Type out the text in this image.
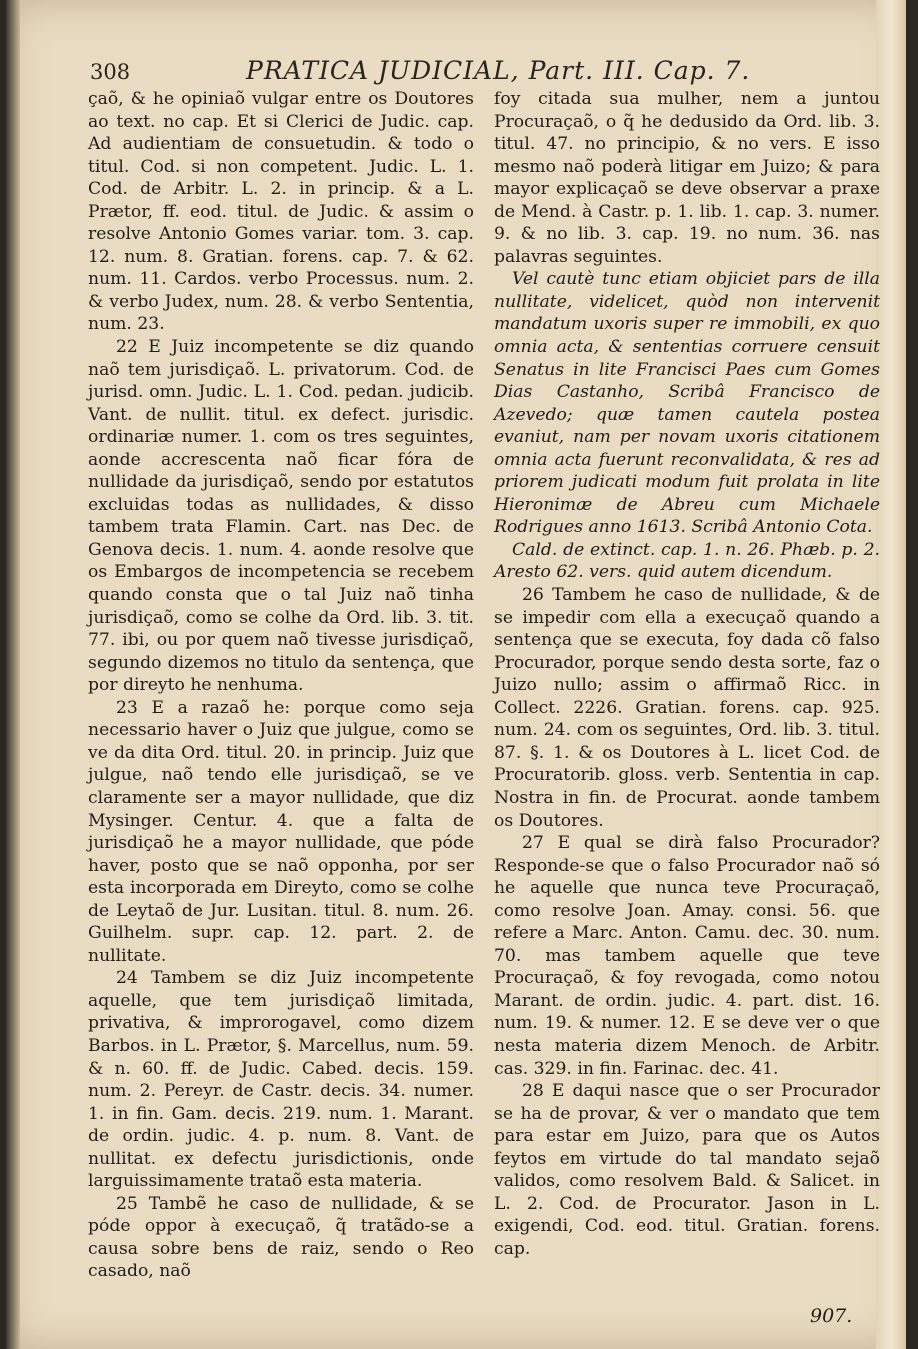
308	PRATICA JUDICIAL, Part. III. Cap. 7.

çaõ, & he opiniaõ vulgar entre os Doutores ao text. no cap. Et si Clerici de Judic. cap. Ad audientiam de consuetudin. & todo o titul. Cod. si non competent. Judic. L. 1. Cod. de Arbitr. L. 2. in princip. & a L. Prætor, ff. eod. titul. de Judic. & assim o resolve Antonio Gomes variar. tom. 3. cap. 12. num. 8. Gratian. forens. cap. 7. & 62. num. 11. Cardos. verbo Processus. num. 2. & verbo Judex, num. 28. & verbo Sententia, num. 23.

22 E Juiz incompetente se diz quando naõ tem jurisdiçaõ. L. privatorum. Cod. de jurisd. omn. Judic. L. 1. Cod. pedan. judicib. Vant. de nullit. titul. ex defect. jurisdic. ordinariæ numer. 1. com os tres seguintes, aonde accrescenta naõ ficar fóra de nullidade da jurisdiçaõ, sendo por estatutos excluidas todas as nullidades, & disso tambem trata Flamin. Cart. nas Dec. de Genova decis. 1. num. 4. aonde resolve que os Embargos de incompetencia se recebem quando consta que o tal Juiz naõ tinha jurisdiçaõ, como se colhe da Ord. lib. 3. tit. 77. ibi, ou por quem naõ tivesse jurisdiçaõ, segundo dizemos no titulo da sentença, que por direyto he nenhuma.

23 E a razaõ he: porque como seja necessario haver o Juiz que julgue, como se ve da dita Ord. titul. 20. in princip. Juiz que julgue, naõ tendo elle jurisdiçaõ, se ve claramente ser a mayor nullidade, que diz Mysinger. Centur. 4. que a falta de jurisdiçaõ he a mayor nullidade, que póde haver, posto que se naõ opponha, por ser esta incorporada em Direyto, como se colhe de Leytaõ de Jur. Lusitan. titul. 8. num. 26. Guilhelm. supr. cap. 12. part. 2. de nullitate.

24 Tambem se diz Juiz incompetente aquelle, que tem jurisdiçaõ limitada, privativa, & improrogavel, como dizem Barbos. in L. Prætor, §. Marcellus, num. 59. & n. 60. ff. de Judic. Cabed. decis. 159. num. 2. Pereyr. de Castr. decis. 34. numer. 1. in fin. Gam. decis. 219. num. 1. Marant. de ordin. judic. 4. p. num. 8. Vant. de nullitat. ex defectu jurisdictionis, onde larguissimamente trataõ esta materia.

25 Tambẽ he caso de nullidade, & se póde oppor à execuçaõ, q̃ tratãdo-se a causa sobre bens de raiz, sendo o Reo casado, naõ

foy citada sua mulher, nem a juntou Procuraçaõ, o q̃ he dedusido da Ord. lib. 3. titul. 47. no principio, & no vers. E isso mesmo naõ poderà litigar em Juizo; & para mayor explicaçaõ se deve observar a praxe de Mend. à Castr. p. 1. lib. 1. cap. 3. numer. 9. & no lib. 3. cap. 19. no num. 36. nas palavras seguintes.

Vel cautè tunc etiam objiciet pars de illa nullitate, videlicet, quòd non intervenit mandatum uxoris super re immobili, ex quo omnia acta, & sententias corruere censuit Senatus in lite Francisci Paes cum Gomes Dias Castanho, Scribâ Francisco de Azevedo; quæ tamen cautela postea evaniut, nam per novam uxoris citationem omnia acta fuerunt reconvalidata, & res ad priorem judicati modum fuit prolata in lite Hieronimæ de Abreu cum Michaele Rodrigues anno 1613. Scribâ Antonio Cota.

Cald. de extinct. cap. 1. n. 26. Phæb. p. 2. Aresto 62. vers. quid autem dicendum.

26 Tambem he caso de nullidade, & de se impedir com ella a execuçaõ quando a sentença que se executa, foy dada cõ falso Procurador, porque sendo desta sorte, faz o Juizo nullo; assim o affirmaõ Ricc. in Collect. 2226. Gratian. forens. cap. 925. num. 24. com os seguintes, Ord. lib. 3. titul. 87. §. 1. & os Doutores à L. licet Cod. de Procuratorib. gloss. verb. Sententia in cap. Nostra in fin. de Procurat. aonde tambem os Doutores.

27 E qual se dirà falso Procurador? Responde-se que o falso Procurador naõ só he aquelle que nunca teve Procuraçaõ, como resolve Joan. Amay. consi. 56. que refere a Marc. Anton. Camu. dec. 30. num. 70. mas tambem aquelle que teve Procuraçaõ, & foy revogada, como notou Marant. de ordin. judic. 4. part. dist. 16. num. 19. & numer. 12. E se deve ver o que nesta materia dizem Menoch. de Arbitr. cas. 329. in fin. Farinac. dec. 41.

28 E daqui nasce que o ser Procurador se ha de provar, & ver o mandato que tem para estar em Juizo, para que os Autos feytos em virtude do tal mandato sejaõ validos, como resolvem Bald. & Salicet. in L. 2. Cod. de Procurator. Jason in L. exigendi, Cod. eod. titul. Gratian. forens. cap.

907.
